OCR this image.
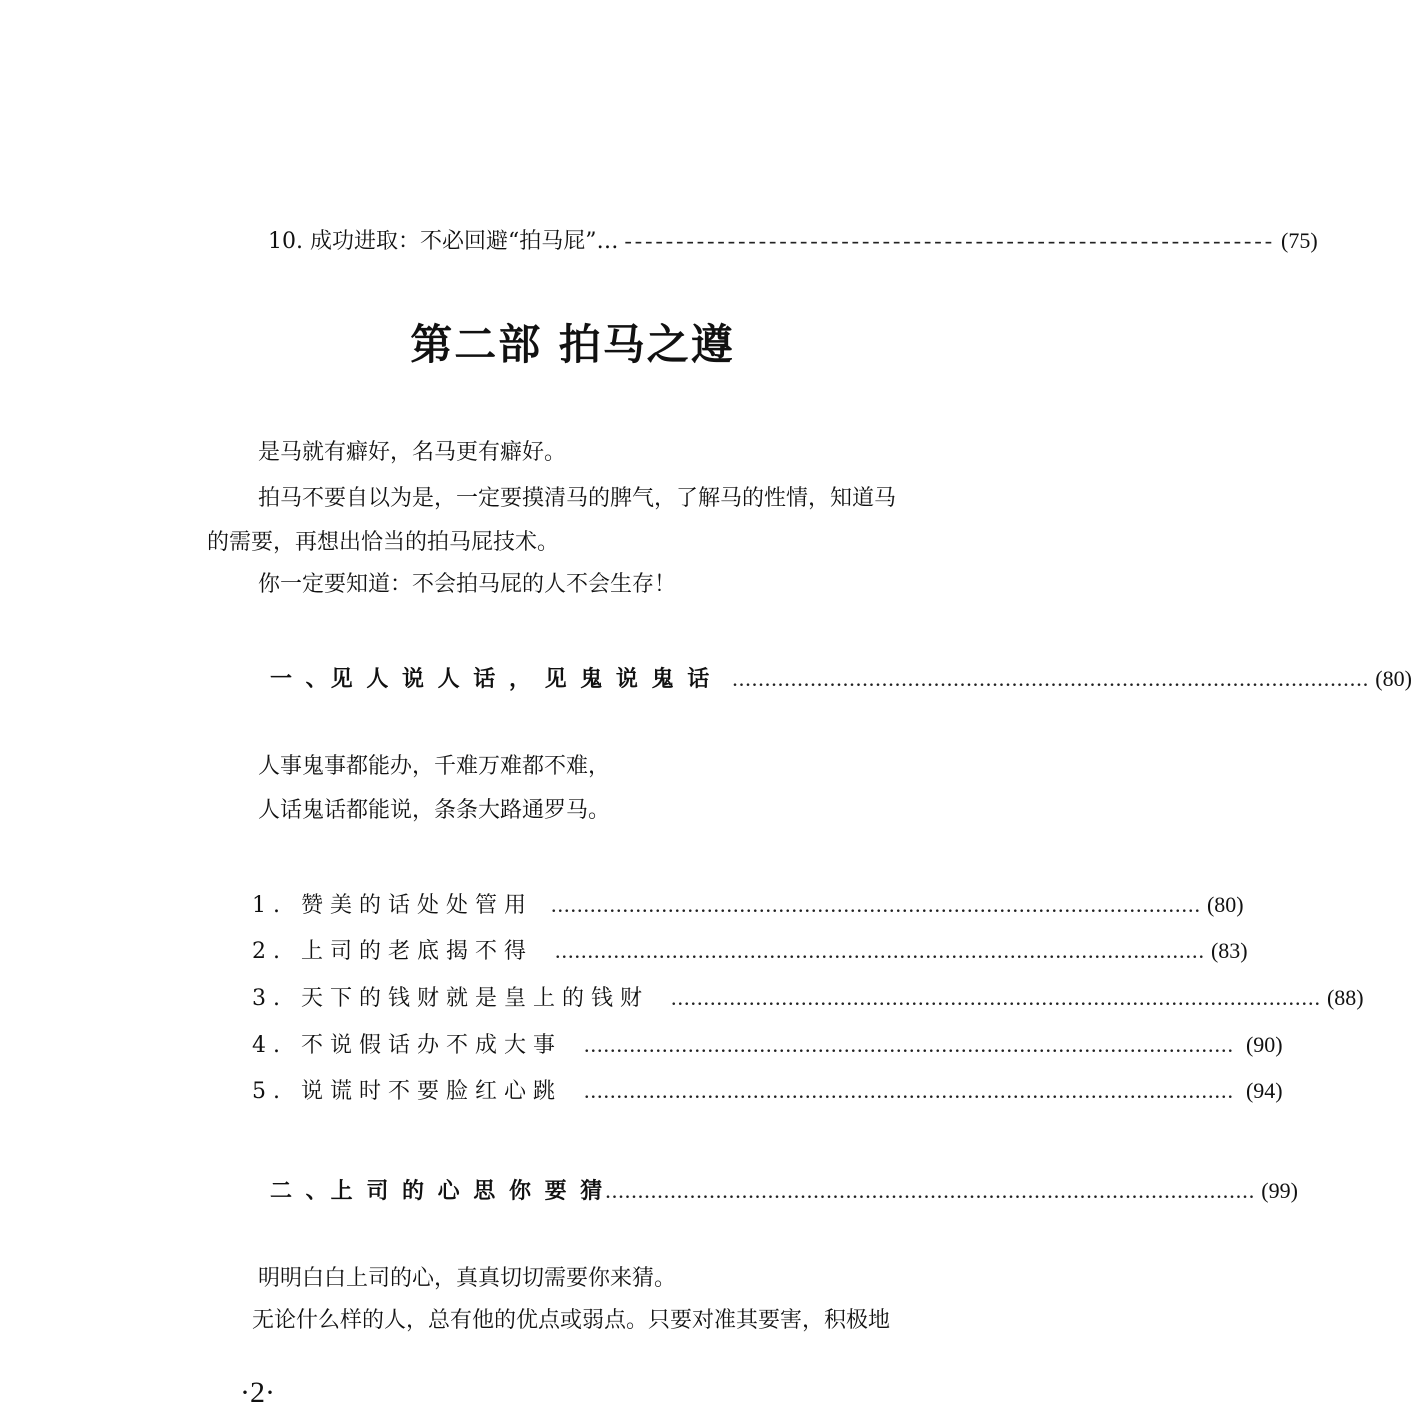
10. 成功进取：不必回避“拍马屁”… --------------------------------------------------------------- (75)
第二部 拍马之遵
是马就有癖好，名马更有癖好。
拍马不要自以为是，一定要摸清马的脾气，了解马的性情，知道马
的需要，再想出恰当的拍马屁技术。
你一定要知道：不会拍马屁的人不会生存！
一 、见 人 说 人 话 ， 见 鬼 说 鬼 话 .................................................................................................. (80)
人事鬼事都能办，千难万难都不难，
人话鬼话都能说，条条大路通罗马。
1. 赞美的话处处管用 .................................................................................................... (80)
2. 上司的老底揭不得 .................................................................................................... (83)
3. 天下的钱财就是皇上的钱财 .................................................................................................... (88)
4. 不说假话办不成大事 .................................................................................................... (90)
5. 说谎时不要脸红心跳 .................................................................................................... (94)
二 、上 司 的 心 思 你 要 猜 .................................................................................................... (99)
明明白白上司的心，真真切切需要你来猜。
无论什么样的人，总有他的优点或弱点。只要对准其要害，积极地
·2·
